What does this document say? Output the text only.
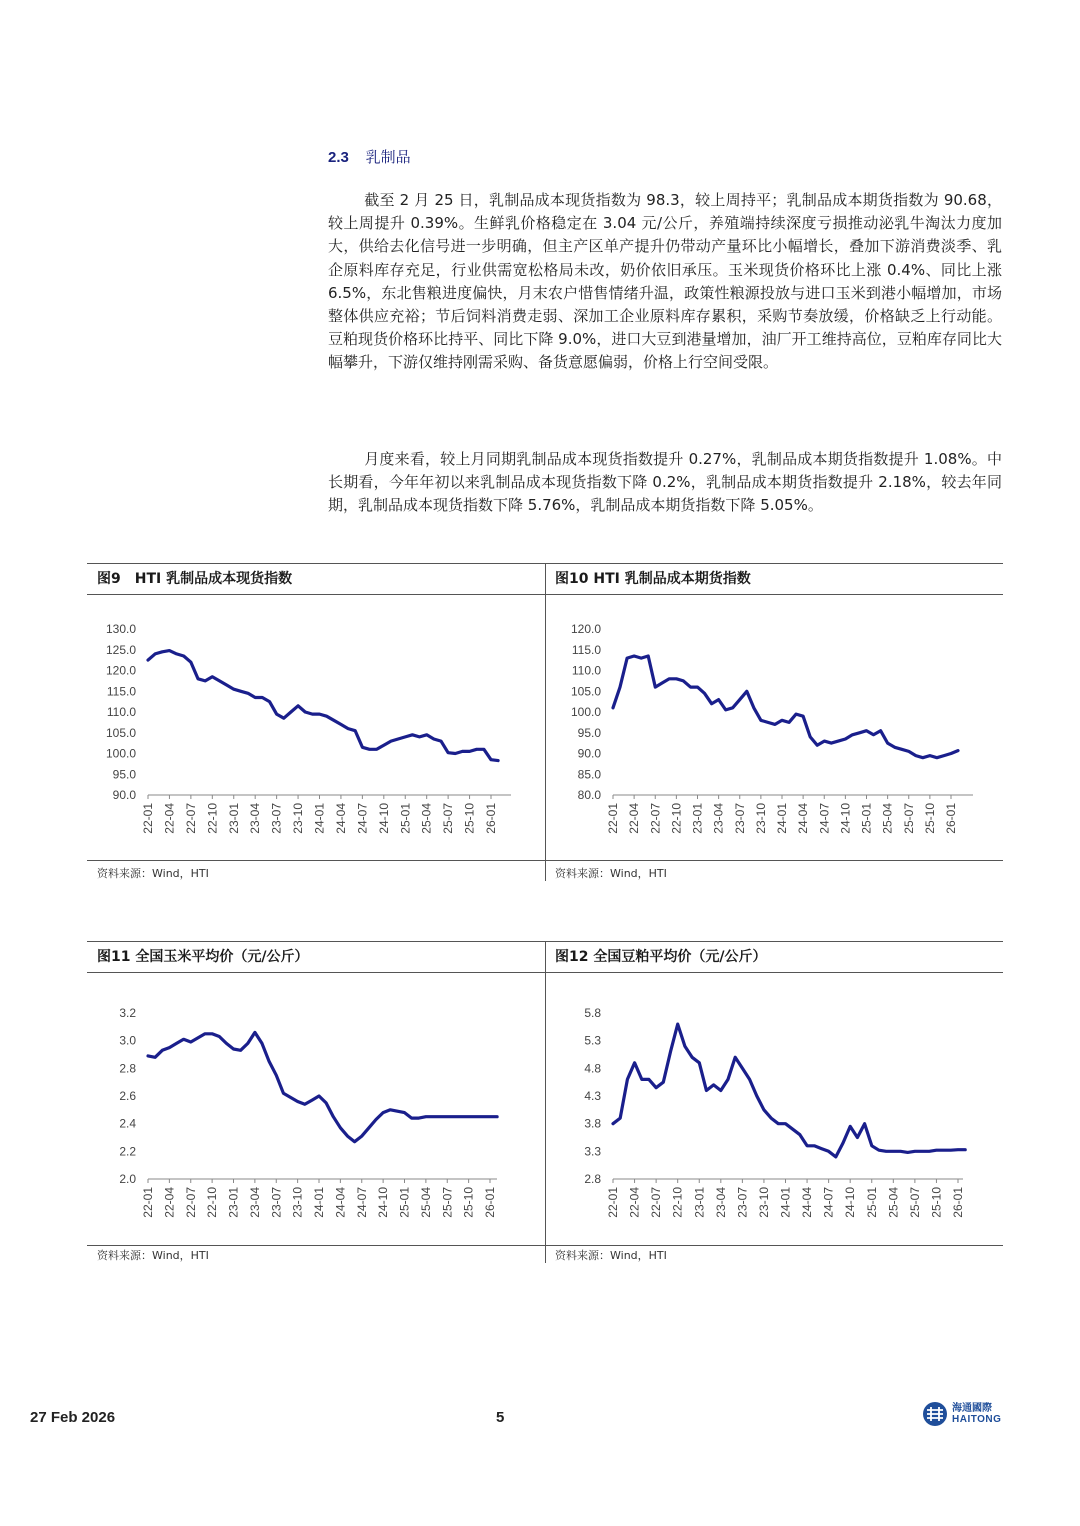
2.3 乳制品
截至 2 月 25 日，乳制品成本现货指数为 98.3，较上周持平；乳制品成本期货指数为 90.68，较上周提升 0.39%。生鲜乳价格稳定在 3.04 元/公斤，养殖端持续深度亏损推动泌乳牛淘汰力度加大，供给去化信号进一步明确，但主产区单产提升仍带动产量环比小幅增长，叠加下游消费淡季、乳企原料库存充足，行业供需宽松格局未改，奶价依旧承压。玉米现货价格环比上涨 0.4%、同比上涨 6.5%，东北售粮进度偏快，月末农户惜售情绪升温，政策性粮源投放与进口玉米到港小幅增加，市场整体供应充裕；节后饲料消费走弱、深加工企业原料库存累积，采购节奏放缓，价格缺乏上行动能。豆粕现货价格环比持平、同比下降 9.0%，进口大豆到港量增加，油厂开工维持高位，豆粕库存同比大幅攀升，下游仅维持刚需采购、备货意愿偏弱，价格上行空间受限。
月度来看，较上月同期乳制品成本现货指数提升 0.27%，乳制品成本期货指数提升 1.08%。中长期看，今年年初以来乳制品成本现货指数下降 0.2%，乳制品成本期货指数提升 2.18%，较去年同期，乳制品成本现货指数下降 5.76%，乳制品成本期货指数下降 5.05%。
图9　HTI 乳制品成本现货指数
130.0
125.0
120.0
115.0
110.0
105.0
100.0
95.0
90.0
22-01 22-04 22-07 22-10 23-01 23-04 23-07 23-10 24-01 24-04 24-07 24-10 25-01 25-04 25-07 25-10 26-01
资料来源：Wind，HTI
图10 HTI 乳制品成本期货指数
120.0
115.0
110.0
105.0
100.0
95.0
90.0
85.0
80.0
22-01 22-04 22-07 22-10 23-01 23-04 23-07 23-10 24-01 24-04 24-07 24-10 25-01 25-04 25-07 25-10 26-01
资料来源：Wind，HTI
图11 全国玉米平均价（元/公斤）
3.2
3.0
2.8
2.6
2.4
2.2
2.0
22-01 22-04 22-07 22-10 23-01 23-04 23-07 23-10 24-01 24-04 24-07 24-10 25-01 25-04 25-07 25-10 26-01
资料来源：Wind，HTI
图12 全国豆粕平均价（元/公斤）
5.8
5.3
4.8
4.3
3.8
3.3
2.8
22-01 22-04 22-07 22-10 23-01 23-04 23-07 23-10 24-01 24-04 24-07 24-10 25-01 25-04 25-07 25-10 26-01
资料来源：Wind，HTI
27 Feb 2026	5
海通國際
HAITONG
